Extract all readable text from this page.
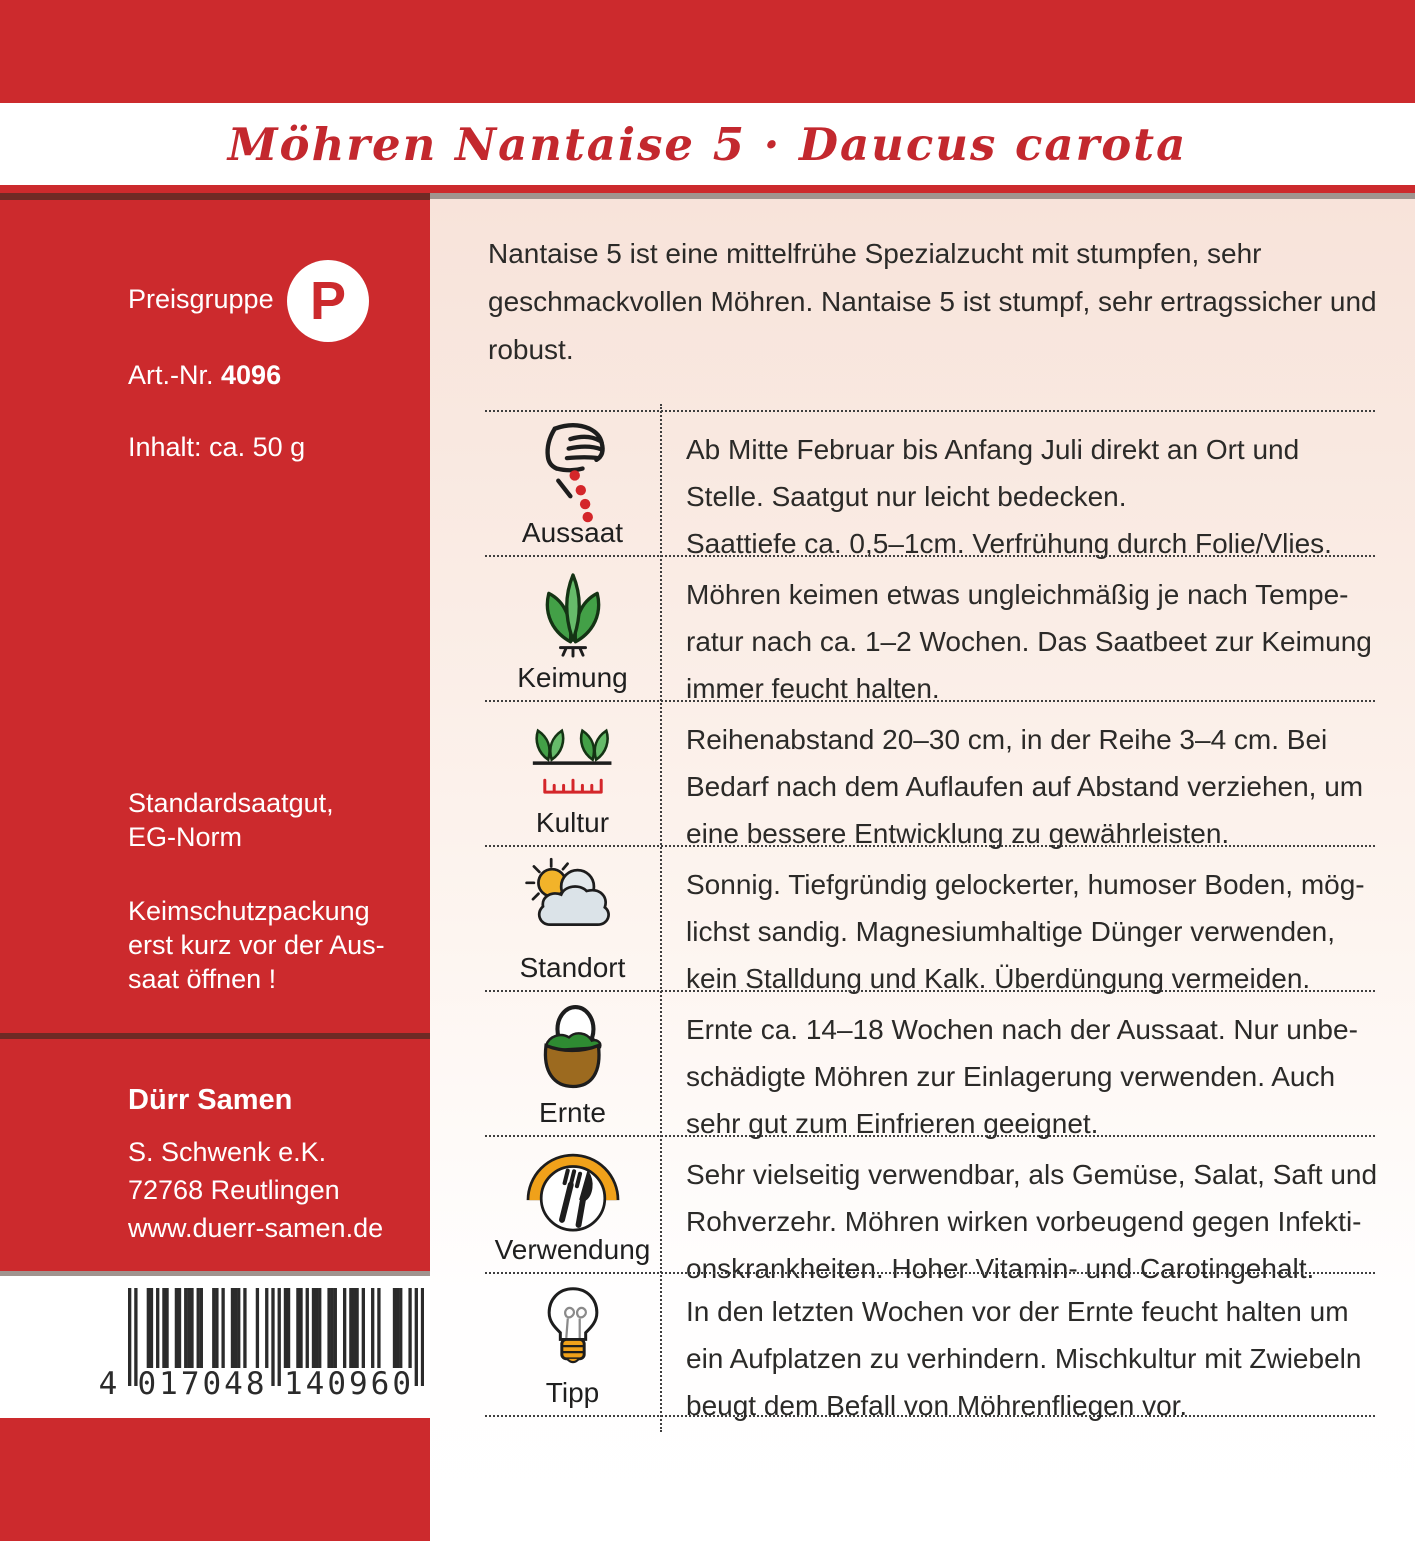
Möhren Nantaise 5 · Daucus carota
Preisgruppe P
Art.-Nr. 4096
Inhalt: ca. 50 g
Standardsaatgut,
EG-Norm
Keimschutzpackung
erst kurz vor der Aus-
saat öffnen !
Dürr Samen
S. Schwenk e.K.
72768 Reutlingen
www.duerr-samen.de
4 017048 140960
Nantaise 5 ist eine mittelfrühe Spezialzucht mit stumpfen, sehr
geschmackvollen Möhren. Nantaise 5 ist stumpf, sehr ertragssicher und
robust.
Aussaat
Ab Mitte Februar bis Anfang Juli direkt an Ort und
Stelle. Saatgut nur leicht bedecken.
Saattiefe ca. 0,5–1cm. Verfrühung durch Folie/Vlies.
Keimung
Möhren keimen etwas ungleichmäßig je nach Tempe-
ratur nach ca. 1–2 Wochen. Das Saatbeet zur Keimung
immer feucht halten.
Kultur
Reihenabstand 20–30 cm, in der Reihe 3–4 cm. Bei
Bedarf nach dem Auflaufen auf Abstand verziehen, um
eine bessere Entwicklung zu gewährleisten.
Standort
Sonnig. Tiefgründig gelockerter, humoser Boden, mög-
lichst sandig. Magnesiumhaltige Dünger verwenden,
kein Stalldung und Kalk. Überdüngung vermeiden.
Ernte
Ernte ca. 14–18 Wochen nach der Aussaat. Nur unbe-
schädigte Möhren zur Einlagerung verwenden. Auch
sehr gut zum Einfrieren geeignet.
Verwendung
Sehr vielseitig verwendbar, als Gemüse, Salat, Saft und
Rohverzehr. Möhren wirken vorbeugend gegen Infekti-
onskrankheiten. Hoher Vitamin- und Carotingehalt.
Tipp
In den letzten Wochen vor der Ernte feucht halten um
ein Aufplatzen zu verhindern. Mischkultur mit Zwiebeln
beugt dem Befall von Möhrenfliegen vor.
